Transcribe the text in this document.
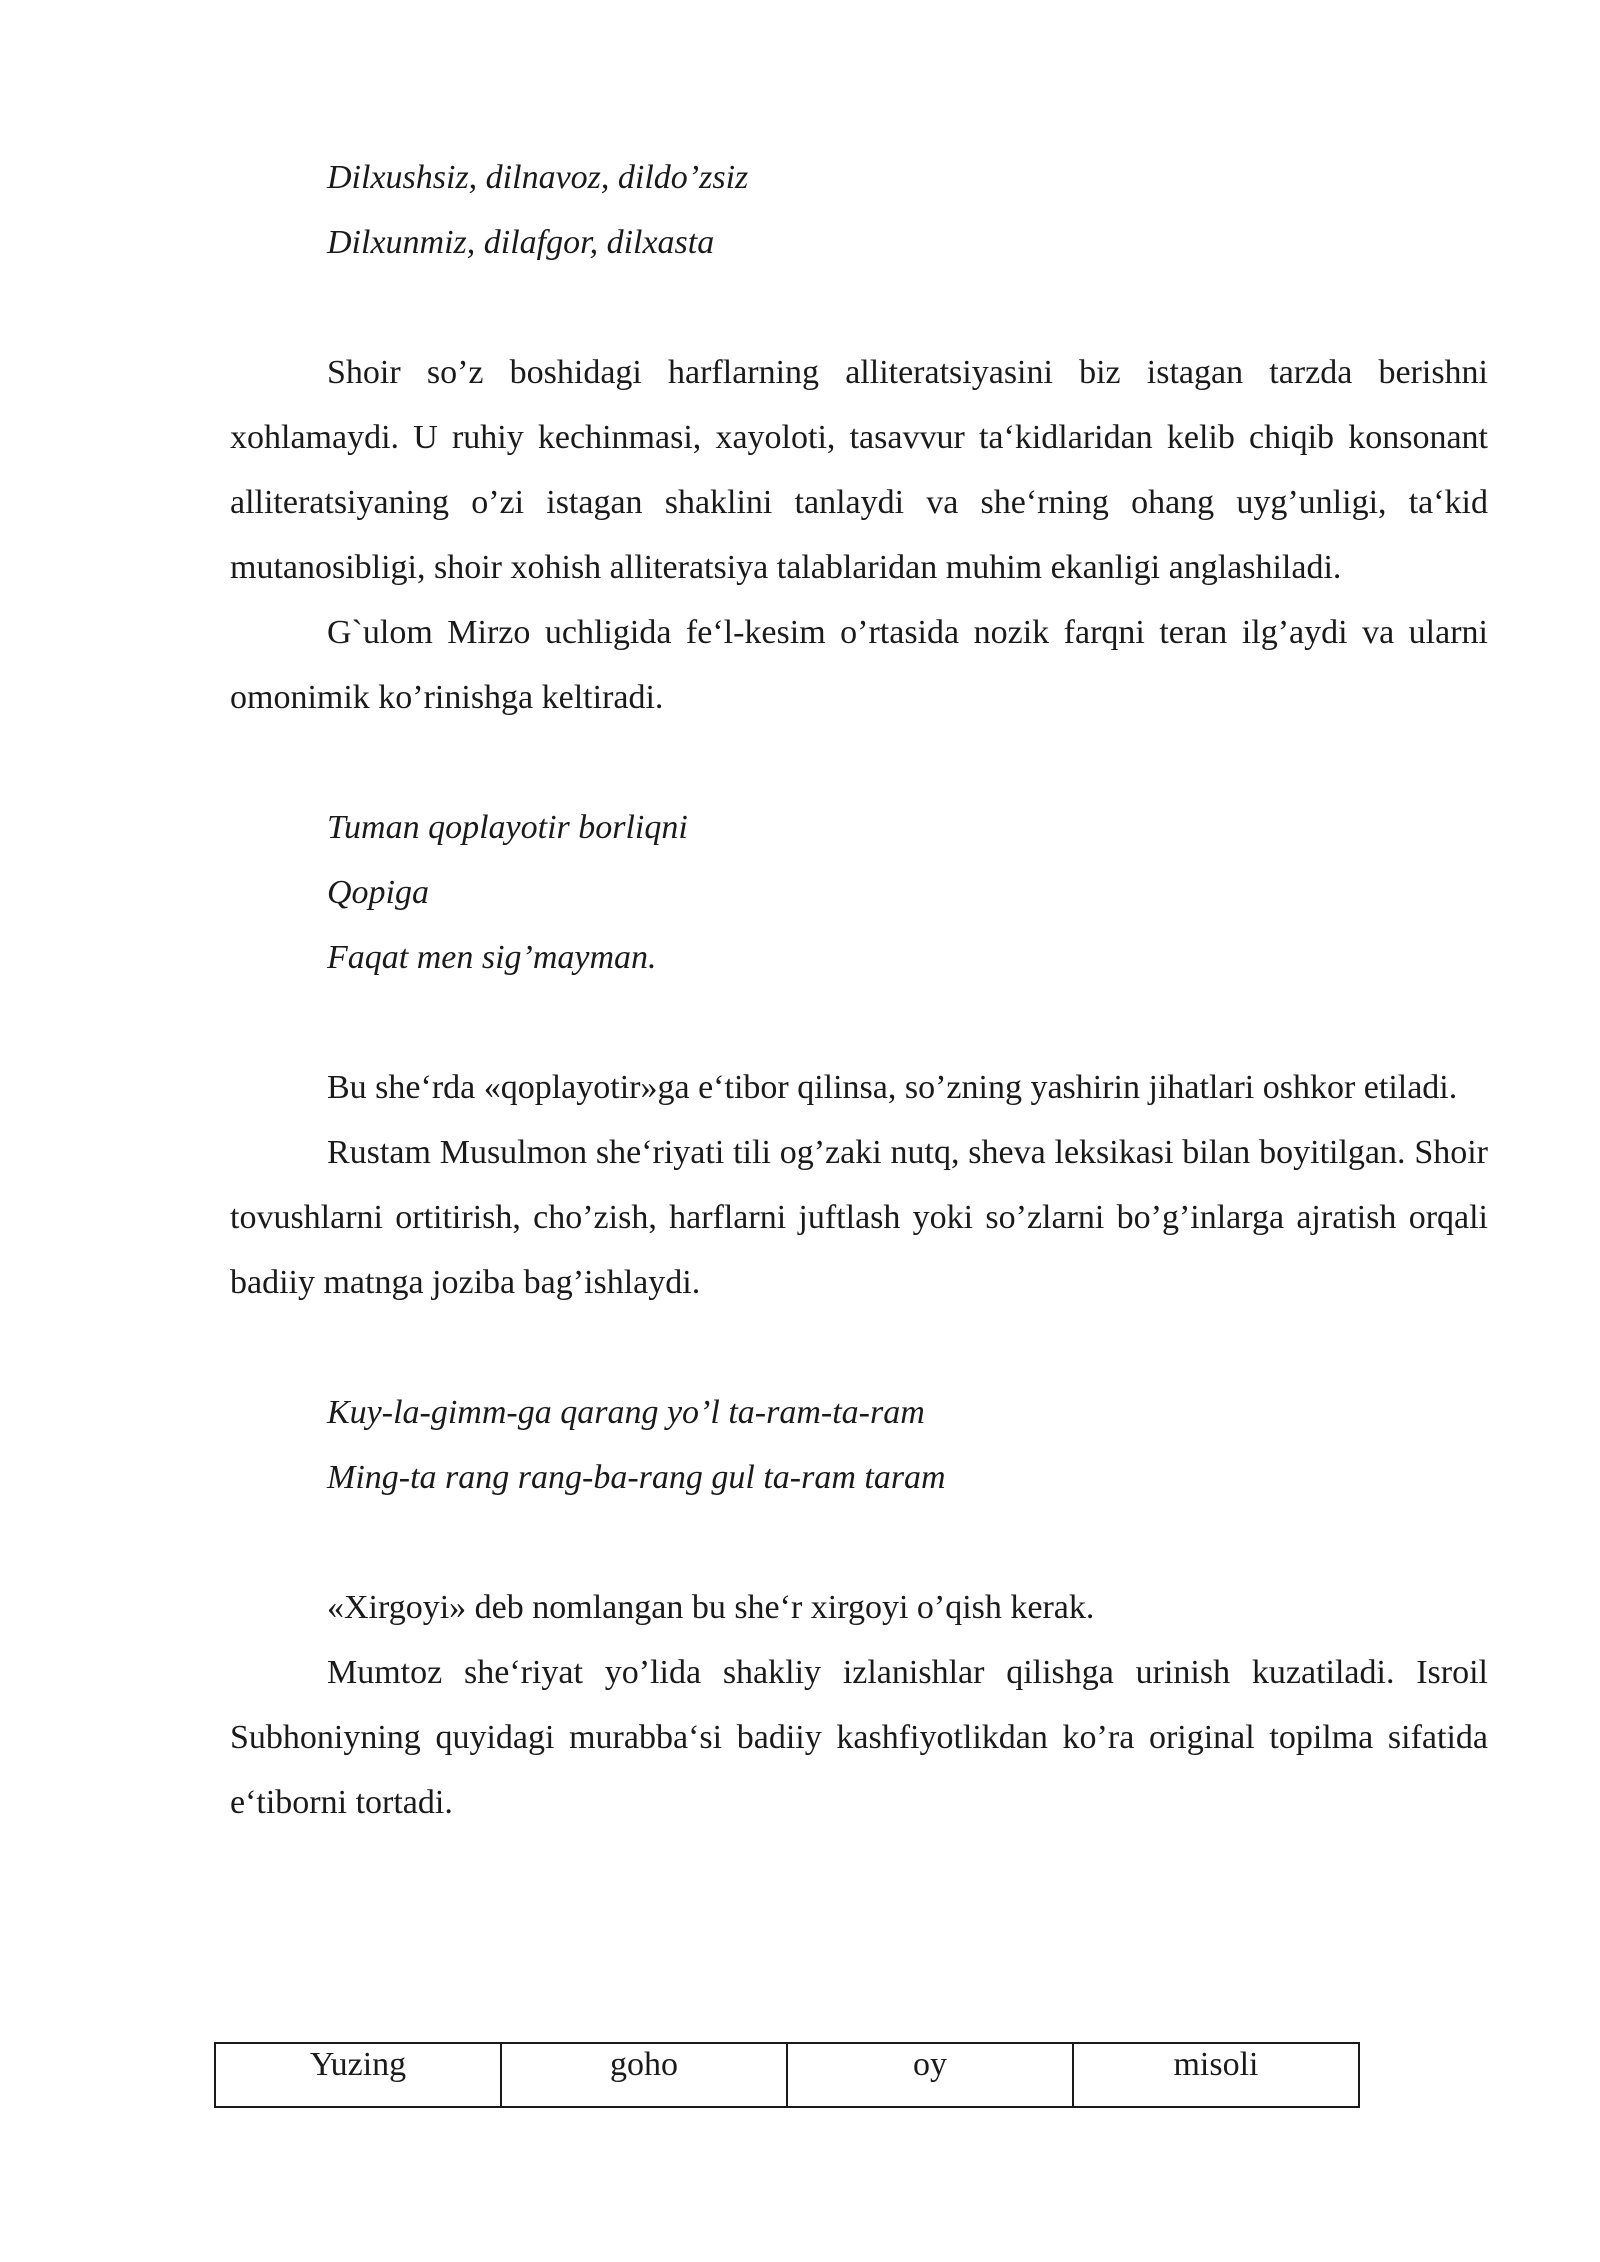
Dilxushsiz, dilnavoz, dildo’zsiz
Dilxunmiz, dilafgor, dilxasta

Shoir so’z boshidagi harflarning alliteratsiyasini biz istagan tarzda berishni xohlamaydi. U ruhiy kechinmasi, xayoloti, tasavvur ta‘kidlaridan kelib chiqib konsonant alliteratsiyaning o’zi istagan shaklini tanlaydi va she‘rning ohang uyg’unligi, ta‘kid mutanosibligi, shoir xohish alliteratsiya talablaridan muhim ekanligi anglashiladi.

G`ulom Mirzo uchligida fe‘l-kesim o’rtasida nozik farqni teran ilg’aydi va ularni omonimik ko’rinishga keltiradi.

Tuman qoplayotir borliqni
Qopiga
Faqat men sig’mayman.

Bu she‘rda «qoplayotir»ga e‘tibor qilinsa, so’zning yashirin jihatlari oshkor etiladi.

Rustam Musulmon she‘riyati tili og’zaki nutq, sheva leksikasi bilan boyitilgan. Shoir tovushlarni ortitirish, cho’zish, harflarni juftlash yoki so’zlarni bo’g’inlarga ajratish orqali badiiy matnga joziba bag’ishlaydi.

Kuy-la-gimm-ga qarang yo’l ta-ram-ta-ram
Ming-ta rang rang-ba-rang gul ta-ram taram

«Xirgoyi» deb nomlangan bu she‘r xirgoyi o’qish kerak.

Mumtoz she‘riyat yo’lida shakliy izlanishlar qilishga urinish kuzatiladi. Isroil Subhoniyning quyidagi murabba‘si badiiy kashfiyotlikdan ko’ra original topilma sifatida e‘tiborni tortadi.

Yuzing	goho	oy	misoli
